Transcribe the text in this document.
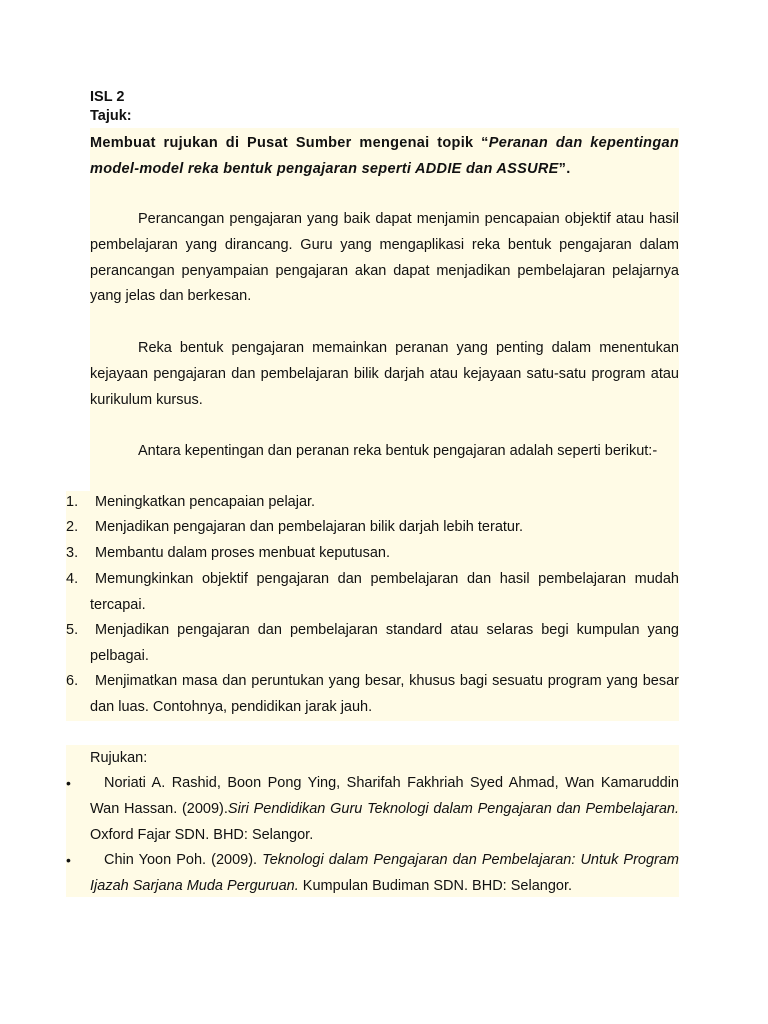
ISL 2
Tajuk:
Membuat rujukan di Pusat Sumber mengenai topik “Peranan dan kepentingan model-model reka bentuk pengajaran seperti ADDIE dan ASSURE”.
Perancangan pengajaran yang baik dapat menjamin pencapaian objektif atau hasil pembelajaran yang dirancang. Guru yang mengaplikasi reka bentuk pengajaran dalam perancangan penyampaian pengajaran akan dapat menjadikan pembelajaran pelajarnya yang jelas dan berkesan.
Reka bentuk pengajaran memainkan peranan yang penting dalam menentukan kejayaan pengajaran dan pembelajaran bilik darjah atau kejayaan satu-satu program atau kurikulum kursus.
Antara kepentingan dan peranan reka bentuk pengajaran adalah seperti berikut:-
1.	Meningkatkan pencapaian pelajar.
2.	Menjadikan pengajaran dan pembelajaran bilik darjah lebih teratur.
3.	Membantu dalam proses menbuat keputusan.
4.	Memungkinkan objektif pengajaran dan pembelajaran dan hasil pembelajaran mudah tercapai.
5.	Menjadikan pengajaran dan pembelajaran standard atau selaras begi kumpulan yang pelbagai.
6.	Menjimatkan masa dan peruntukan yang besar, khusus bagi sesuatu program yang besar dan luas. Contohnya, pendidikan jarak jauh.
Rujukan:
•	Noriati A. Rashid, Boon Pong Ying, Sharifah Fakhriah Syed Ahmad, Wan Kamaruddin Wan Hassan. (2009).Siri Pendidikan Guru Teknologi dalam Pengajaran dan Pembelajaran. Oxford Fajar SDN. BHD: Selangor.
•	Chin Yoon Poh. (2009). Teknologi dalam Pengajaran dan Pembelajaran: Untuk Program Ijazah Sarjana Muda Perguruan. Kumpulan Budiman SDN. BHD: Selangor.
